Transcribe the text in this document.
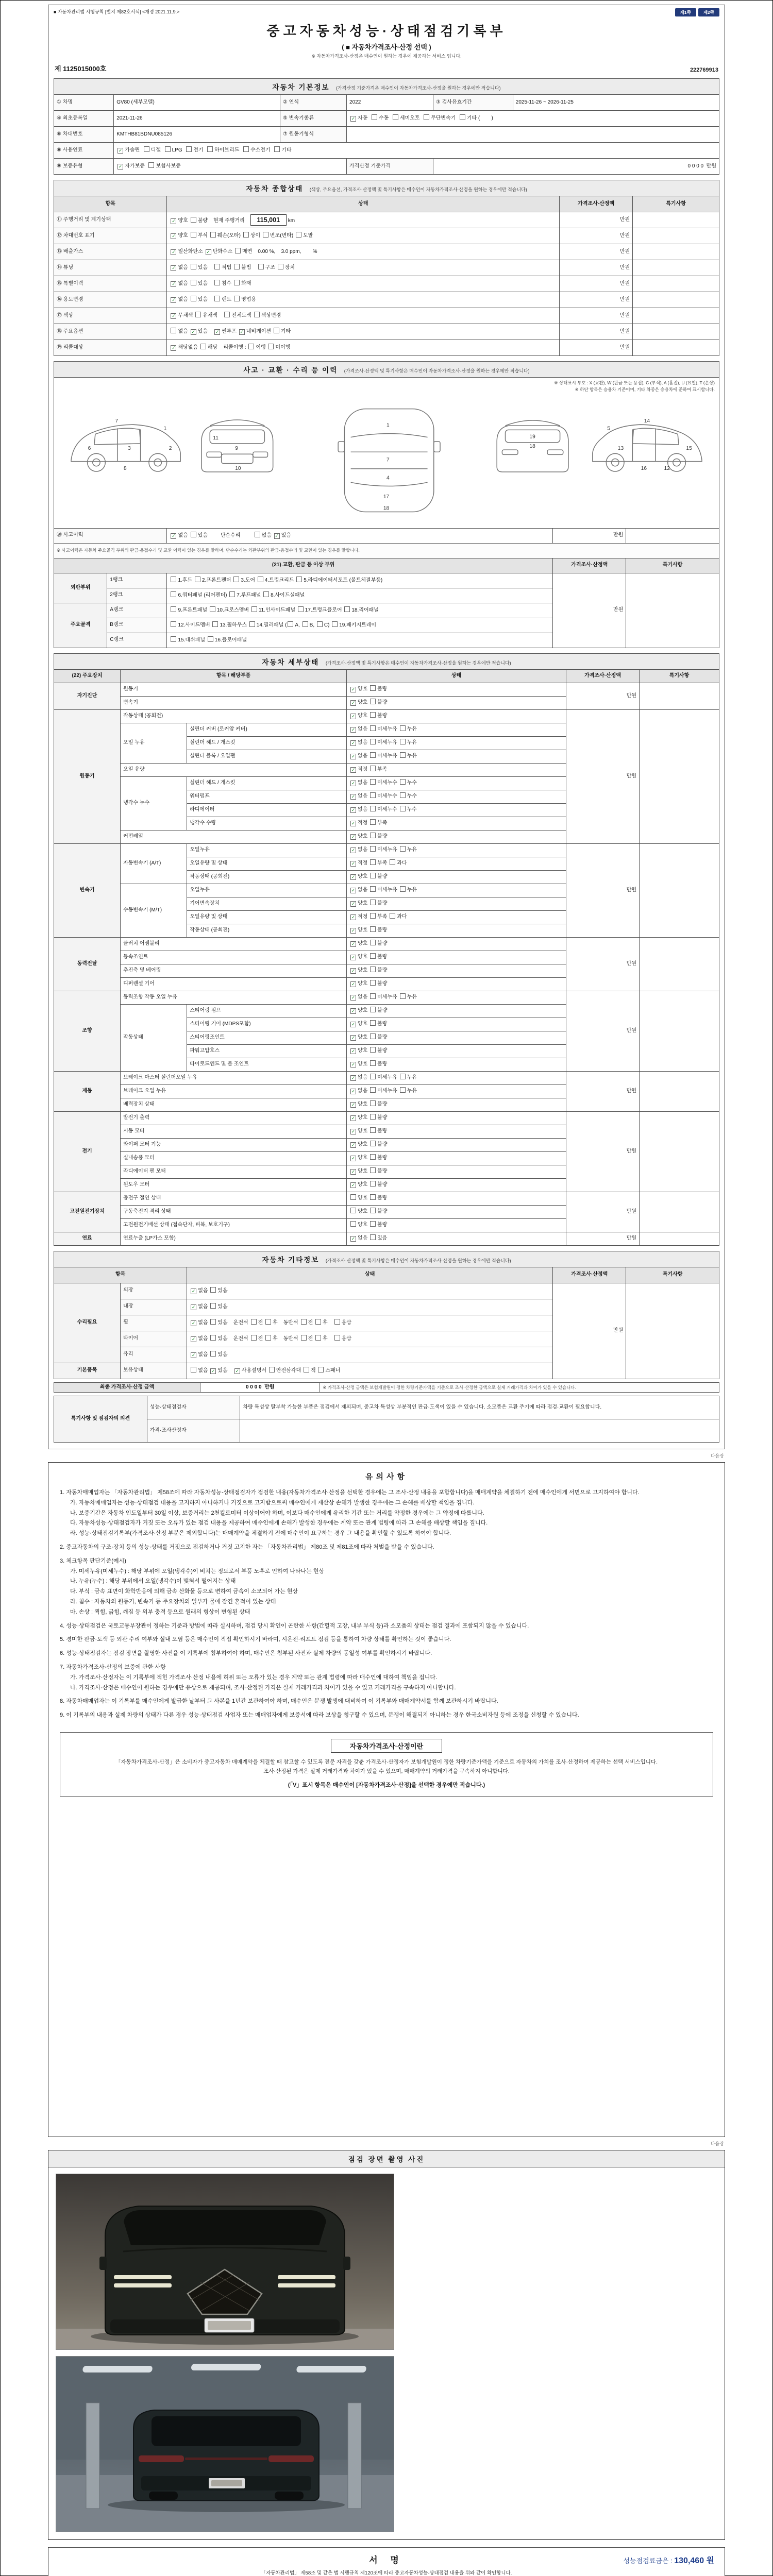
■ 자동차관리법 시행규칙 [별지 제82호서식] <개정 2021.11.9.>	제1쪽	제2쪽
중고자동차성능·상태점검기록부
( ■ 자동차가격조사·산정 선택 )
※ 자동차가격조사·산정은 매수인이 원하는 경우에 제공하는 서비스 입니다.
제 1125015000호	222769913
자동차 기본정보 (가격산정 기준가격은 매수인이 자동차가격조사·산정을 원하는 경우에만 적습니다)
① 차명	GV80 (세부모델)	② 연식	2022	③ 검사유효기간	2025-11-26 ~ 2026-11-25
④ 최초등록일	2021-11-26	⑤ 변속기종류	✓ 자동  수동  세미오토  무단변속기  기타 (        )		
⑥ 차대번호	KMTHB81BDNU085126	⑦ 원동기형식			
⑧ 사용연료	✓ 가솔린  디젤  LPG  전기  하이브리드  수소전기  기타				
⑨ 보증유형	✓ 자가보증  보험사보증		가격산정 기준가격	0 0 0 0  만원	
자동차 종합상태 (색상, 주요옵션, 가격조사·산정액 및 특기사항은 매수인이 자동차가격조사·산정을 원하는 경우에만 적습니다)
항목	상태	가격조사·산정액	특기사항
⑪ 주행거리 및 계기상태	✓ 양호 불량    현재 주행거리 115,001 km	만원	
⑫ 차대번호 표기	✓ 양호 부식 훼손(오타) 상이 변조(변타) 도말	만원	
⑬ 배출가스	✓ 일산화탄소 ✓ 탄화수소 매연    0.00 %,    3.0 ppm,        %	만원	
⑭ 튜닝	✓ 없음 있음    적법 불법    구조 장치	만원	
⑮ 특별이력	✓ 없음 있음    침수 화재	만원	
⑯ 용도변경	✓ 없음 있음    렌트 영업용	만원	
⑰ 색상	✓ 무채색 유채색    전체도색 색상변경	만원	
⑱ 주요옵션	없음 ✓ 있음    ✓ 썬루프 ✓ 네비게이션 기타	만원	
⑲ 리콜대상	✓ 해당없음 해당    리콜이행 : 이행 미이행	만원	
사고 · 교환 · 수리 등 이력 (가격조사·산정액 및 특기사항은 매수인이 자동차가격조사·산정을 원하는 경우에만 적습니다)
※ 상태표시 부호 : X (교환), W (판금 또는 용접), C (부식), A (흠집), U (요철), T (손상)
※ 하단 항목은 승용차 기준이며, 기타 차종은 승용차에 준하여 표시합니다.
1
7
2
3
6
8
9
10
11
1
7
4
17
18
18
19
5
13
14
12
15
16
⑳ 사고이력		✓ 없음 있음         단순수리         없음 ✓ 있음	만원	
※ 사고이력은 자동차 주요골격 부위의 판금·용접수리 및 교환 이력이 있는 경우를 말하며, 단순수리는 외판부위의 판금·용접수리 및 교환이 있는 경우를 말합니다.				
(21) 교환, 판금 등 이상 부위			가격조사·산정액	특기사항
외판부위	1랭크	1.후드 2.프론트펜더 3.도어 4.트렁크리드 5.라디에이터서포트 (볼트체결부품)	만원	
	2랭크	6.쿼터패널 (리어펜더) 7.루프패널 8.사이드실패널		
주요골격	A랭크	9.프론트패널 10.크로스멤버 11.인사이드패널 17.트렁크플로어 18.리어패널		
	B랭크	12.사이드멤버 13.휠하우스 14.필러패널 ( A, B, C) 19.패키지트레이		
	C랭크	15.대쉬패널 16.플로어패널		
자동차 세부상태 (가격조사·산정액 및 특기사항은 매수인이 자동차가격조사·산정을 원하는 경우에만 적습니다)
(22) 주요장치	항목 / 해당부품		상태	가격조사·산정액	특기사항
자기진단	원동기		✓ 양호 불량	만원	
	변속기		✓ 양호 불량		
원동기	작동상태 (공회전)		✓ 양호 불량	만원	
	오일 누유	실린더 커버 (로커암 커버)	✓ 없음 미세누유 누유		
		실린더 헤드 / 개스킷	✓ 없음 미세누유 누유		
		실린더 블록 / 오일팬	✓ 없음 미세누유 누유		
	오일 유량		✓ 적정 부족		
	냉각수 누수	실린더 헤드 / 개스킷	✓ 없음 미세누수 누수		
		워터펌프	✓ 없음 미세누수 누수		
		라디에이터	✓ 없음 미세누수 누수		
		냉각수 수량	✓ 적정 부족		
	커먼레일		✓ 양호 불량		
변속기	자동변속기 (A/T)	오일누유	✓ 없음 미세누유 누유	만원	
		오일유량 및 상태	✓ 적정 부족 과다		
		작동상태 (공회전)	✓ 양호 불량		
	수동변속기 (M/T)	오일누유	✓ 없음 미세누유 누유		
		기어변속장치	✓ 양호 불량		
		오일유량 및 상태	✓ 적정 부족 과다		
		작동상태 (공회전)	✓ 양호 불량		
동력전달	클러치 어셈블리		✓ 양호 불량	만원	
	등속조인트		✓ 양호 불량		
	추진축 및 베어링		✓ 양호 불량		
	디퍼렌셜 기어		✓ 양호 불량		
조향	동력조향 작동 오일 누유		✓ 없음 미세누유 누유	만원	
	작동상태	스티어링 펌프	✓ 양호 불량		
		스티어링 기어 (MDPS포함)	✓ 양호 불량		
		스티어링조인트	✓ 양호 불량		
		파워고압호스	✓ 양호 불량		
		타이로드엔드 및 볼 조인트	✓ 양호 불량		
제동	브레이크 마스터 실린더오일 누유		✓ 없음 미세누유 누유	만원	
	브레이크 오일 누유		✓ 없음 미세누유 누유		
	배력장치 상태		✓ 양호 불량		
전기	발전기 출력		✓ 양호 불량	만원	
	시동 모터		✓ 양호 불량		
	와이퍼 모터 기능		✓ 양호 불량		
	실내송풍 모터		✓ 양호 불량		
	라디에이터 팬 모터		✓ 양호 불량		
	윈도우 모터		✓ 양호 불량		
고전원전기장치	충전구 절연 상태		양호 불량	만원	
	구동축전지 격리 상태		양호 불량		
	고전원전기배선 상태 (접속단자, 피복, 보호기구)		양호 불량		
연료	연료누출 (LP가스 포함)		✓ 없음 있음	만원	
자동차 기타정보 (가격조사·산정액 및 특기사항은 매수인이 자동차가격조사·산정을 원하는 경우에만 적습니다)
항목		상태	가격조사·산정액	특기사항
수리필요	외장	✓ 없음 있음	만원	
	내장	✓ 없음 있음		
	휠	✓ 없음 있음    운전석 전 후    동반석 전 후    응급		
	타이어	✓ 없음 있음    운전석 전 후    동반석 전 후    응급		
	유리	✓ 없음 있음		
기본품목	보유상태	없음 ✓ 있음    ✓ 사용설명서 안전삼각대 잭 스패너		
최종 가격조사·산정 금액	0 0 0 0  만원	※ 가격조사·산정 금액은 보험개발원이 정한 차량기준가액을 기준으로 조사·산정한 금액으로 실제 거래가격과 차이가 있을 수 있습니다.
특기사항 및 점검자의 의견	성능·상태점검자	차량 특성상 탈부착 가능한 부품은 점검에서 제외되며, 중고차 특성상 부분적인 판금·도색이 있을 수 있습니다. 소모품은 교환 주기에 따라 점검·교환이 필요합니다.
	가격·조사산정자	
다음장
유의사항
1. 자동차매매업자는 「자동차관리법」 제58조에 따라 자동차성능·상태점검자가 점검한 내용(자동차가격조사·산정을 선택한 경우에는 그 조사·산정 내용을 포함합니다)을 매매계약을 체결하기 전에 매수인에게 서면으로 고지하여야 합니다.
가. 자동차매매업자는 성능·상태점검 내용을 고지하지 아니하거나 거짓으로 고지함으로써 매수인에게 재산상 손해가 발생한 경우에는 그 손해를 배상할 책임을 집니다.
나. 보증기간은 자동차 인도일부터 30일 이상, 보증거리는 2천킬로미터 이상이어야 하며, 이보다 매수인에게 유리한 기간 또는 거리를 약정한 경우에는 그 약정에 따릅니다.
다. 자동차성능·상태점검자가 거짓 또는 오류가 있는 점검 내용을 제공하여 매수인에게 손해가 발생한 경우에는 계약 또는 관계 법령에 따라 그 손해를 배상할 책임을 집니다.
라. 성능·상태점검기록부(가격조사·산정 부분은 제외합니다)는 매매계약을 체결하기 전에 매수인이 요구하는 경우 그 내용을 확인할 수 있도록 하여야 합니다.
2. 중고자동차의 구조·장치 등의 성능·상태를 거짓으로 점검하거나 거짓 고지한 자는 「자동차관리법」 제80조 및 제81조에 따라 처벌을 받을 수 있습니다.
3. 체크항목 판단기준(예시)
가. 미세누유(미세누수) : 해당 부위에 오일(냉각수)이 비치는 정도로서 부품 노후로 인하여 나타나는 현상
나. 누유(누수) : 해당 부위에서 오일(냉각수)이 맺혀서 떨어지는 상태
다. 부식 : 금속 표면이 화학반응에 의해 금속 산화물 등으로 변하여 금속이 소모되어 가는 현상
라. 침수 : 자동차의 원동기, 변속기 등 주요장치의 일부가 물에 잠긴 흔적이 있는 상태
마. 손상 : 찍힘, 긁힘, 깨짐 등 외부 충격 등으로 원래의 형상이 변형된 상태
4. 성능·상태점검은 국토교통부장관이 정하는 기준과 방법에 따라 실시하며, 점검 당시 확인이 곤란한 사항(간헐적 고장, 내부 부식 등)과 소모품의 상태는 점검 결과에 포함되지 않을 수 있습니다.
5. 경미한 판금·도색 등 외관 수리 여부와 실내 오염 등은 매수인이 직접 확인하시기 바라며, 시운전·리프트 점검 등을 통하여 차량 상태를 확인하는 것이 좋습니다.
6. 성능·상태점검자는 점검 장면을 촬영한 사진을 이 기록부에 첨부하여야 하며, 매수인은 첨부된 사진과 실제 차량의 동일성 여부를 확인하시기 바랍니다.
7. 자동차가격조사·산정의 보증에 관한 사항
가. 가격조사·산정자는 이 기록부에 적힌 가격조사·산정 내용에 허위 또는 오류가 있는 경우 계약 또는 관계 법령에 따라 매수인에 대하여 책임을 집니다.
나. 가격조사·산정은 매수인이 원하는 경우에만 유상으로 제공되며, 조사·산정된 가격은 실제 거래가격과 차이가 있을 수 있고 거래가격을 구속하지 아니합니다.
8. 자동차매매업자는 이 기록부를 매수인에게 발급한 날부터 그 사본을 1년간 보관하여야 하며, 매수인은 분쟁 발생에 대비하여 이 기록부와 매매계약서를 함께 보관하시기 바랍니다.
9. 이 기록부의 내용과 실제 차량의 상태가 다른 경우 성능·상태점검 사업자 또는 매매업자에게 보증서에 따라 보상을 청구할 수 있으며, 분쟁이 해결되지 아니하는 경우 한국소비자원 등에 조정을 신청할 수 있습니다.
자동차가격조사·산정이란
「자동차가격조사·산정」은 소비자가 중고자동차 매매계약을 체결할 때 참고할 수 있도록 전문 자격을 갖춘 가격조사·산정자가 보험개발원이 정한 차량기준가액을 기준으로 자동차의 가치를 조사·산정하여 제공하는 선택 서비스입니다.
조사·산정된 가격은 실제 거래가격과 차이가 있을 수 있으며, 매매계약의 거래가격을 구속하지 아니합니다.
(「V」표시 항목은 매수인이 [자동차가격조사·산정]을 선택한 경우에만 적습니다.)
다음장
점검 장면 촬영 사진
서 명	성능점검료금은 : 130,460 원
「자동차관리법」 제58조 및 같은 법 시행규칙 제120조에 따라 중고자동차성능·상태점검 내용을 위와 같이 확인합니다.
